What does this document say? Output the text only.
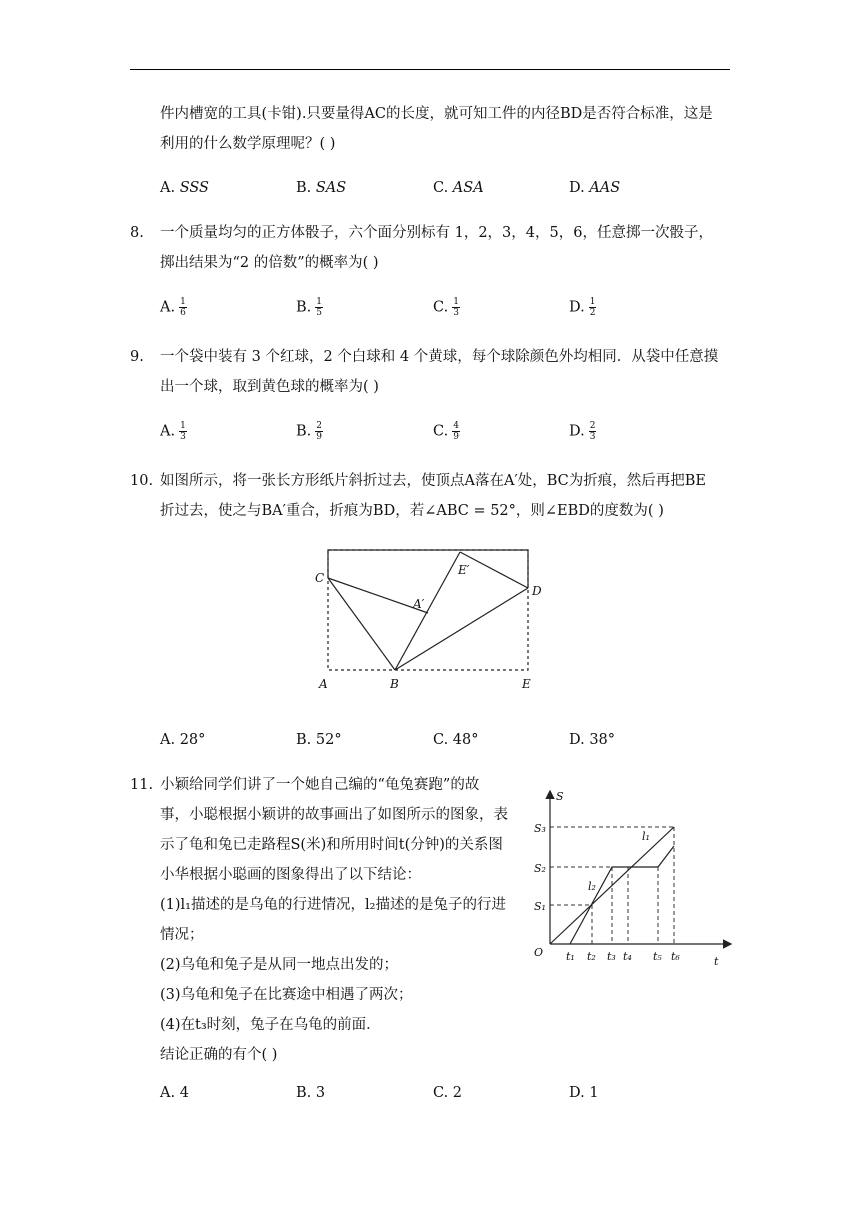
件内槽宽的工具(卡钳).只要量得AC的长度，就可知工件的内径BD是否符合标准，这是
利用的什么数学原理呢？( )
A. SSS	B. SAS	C. ASA	D. AAS
8. 一个质量均匀的正方体骰子，六个面分别标有 1，2，3，4，5，6，任意掷一次骰子，
掷出结果为“2 的倍数”的概率为( )
A. $\frac{1}{6}$	B. $\frac{1}{5}$	C. $\frac{1}{3}$	D. $\frac{1}{2}$
9. 一个袋中装有 3 个红球，2 个白球和 4 个黄球，每个球除颜色外均相同．从袋中任意摸
出一个球，取到黄色球的概率为( )
A. $\frac{1}{3}$	B. $\frac{2}{9}$	C. $\frac{4}{9}$	D. $\frac{2}{3}$
10. 如图所示，将一张长方形纸片斜折过去，使顶点A落在A′处，BC为折痕，然后再把BE
折过去，使之与BA′重合，折痕为BD，若∠ABC = 52°，则∠EBD的度数为( )
C
A′
E′
D
A	B	E
A. 28°	B. 52°	C. 48°	D. 38°
11. 小颖给同学们讲了一个她自己编的“龟兔赛跑”的故
事，小聪根据小颖讲的故事画出了如图所示的图象，表
示了龟和兔已走路程S(米)和所用时间t(分钟)的关系图
小华根据小聪画的图象得出了以下结论：
(1)l₁描述的是乌龟的行进情况，l₂描述的是兔子的行进
情况；
(2)乌龟和兔子是从同一地点出发的；
(3)乌龟和兔子在比赛途中相遇了两次；
(4)在t₃时刻，兔子在乌龟的前面．
结论正确的有个( )
S
t
O
S₃
S₂
S₁
l₁
l₂
t₁ t₂ t₃ t₄ t₅ t₆
A. 4	B. 3	C. 2	D. 1
